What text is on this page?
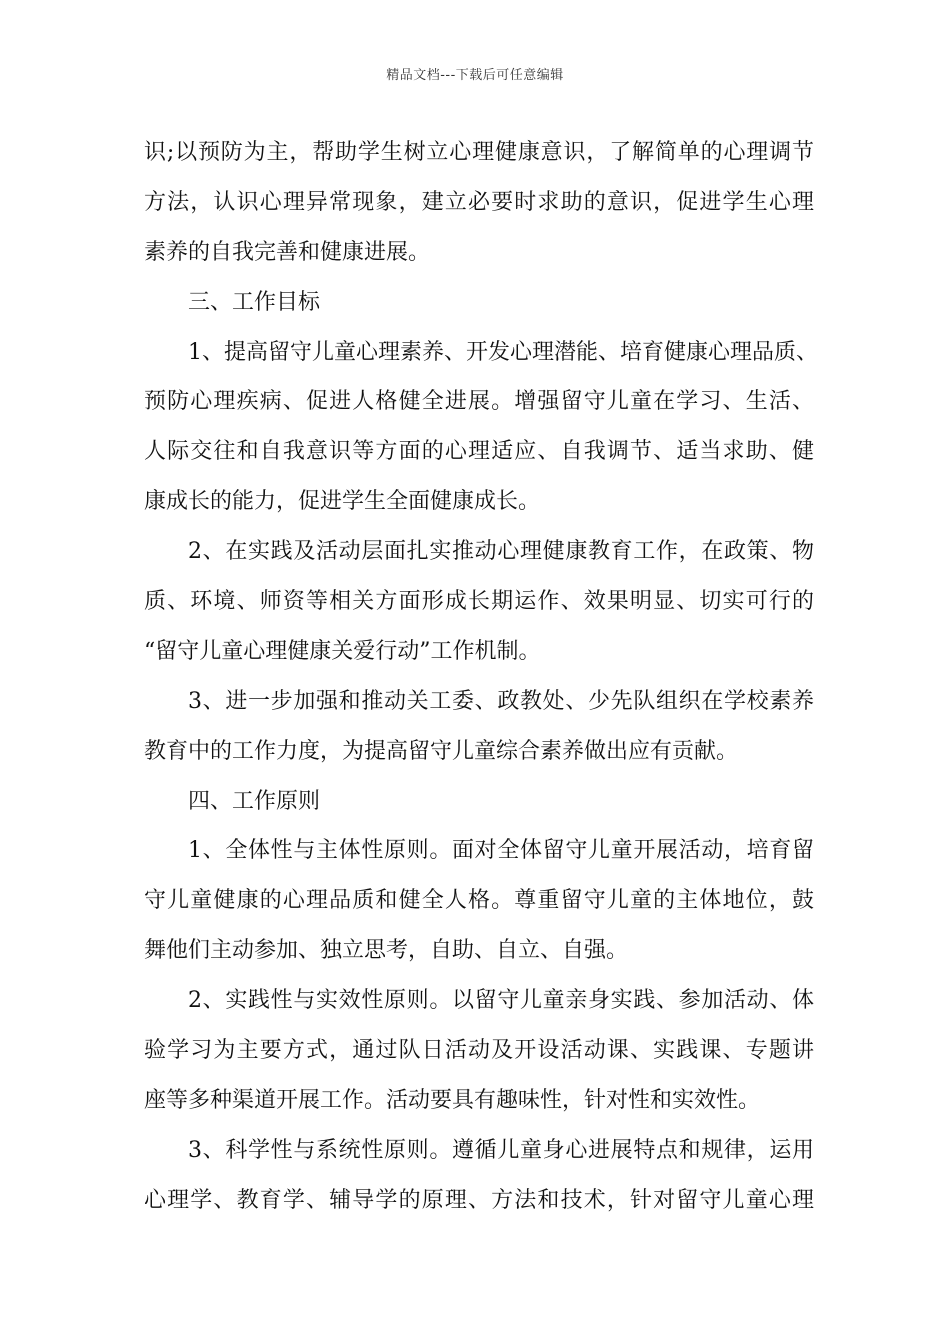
精品文档---下载后可任意编辑
识;以预防为主，帮助学生树立心理健康意识，了解简单的心理调节
方法，认识心理异常现象，建立必要时求助的意识，促进学生心理
素养的自我完善和健康进展。
三、工作目标
1、提高留守儿童心理素养、开发心理潜能、培育健康心理品质、
预防心理疾病、促进人格健全进展。增强留守儿童在学习、生活、
人际交往和自我意识等方面的心理适应、自我调节、适当求助、健
康成长的能力，促进学生全面健康成长。
2、在实践及活动层面扎实推动心理健康教育工作，在政策、物
质、环境、师资等相关方面形成长期运作、效果明显、切实可行的
“留守儿童心理健康关爱行动”工作机制。
3、进一步加强和推动关工委、政教处、少先队组织在学校素养
教育中的工作力度，为提高留守儿童综合素养做出应有贡献。
四、工作原则
1、全体性与主体性原则。面对全体留守儿童开展活动，培育留
守儿童健康的心理品质和健全人格。尊重留守儿童的主体地位，鼓
舞他们主动参加、独立思考，自助、自立、自强。
2、实践性与实效性原则。以留守儿童亲身实践、参加活动、体
验学习为主要方式，通过队日活动及开设活动课、实践课、专题讲
座等多种渠道开展工作。活动要具有趣味性，针对性和实效性。
3、科学性与系统性原则。遵循儿童身心进展特点和规律，运用
心理学、教育学、辅导学的原理、方法和技术，针对留守儿童心理
